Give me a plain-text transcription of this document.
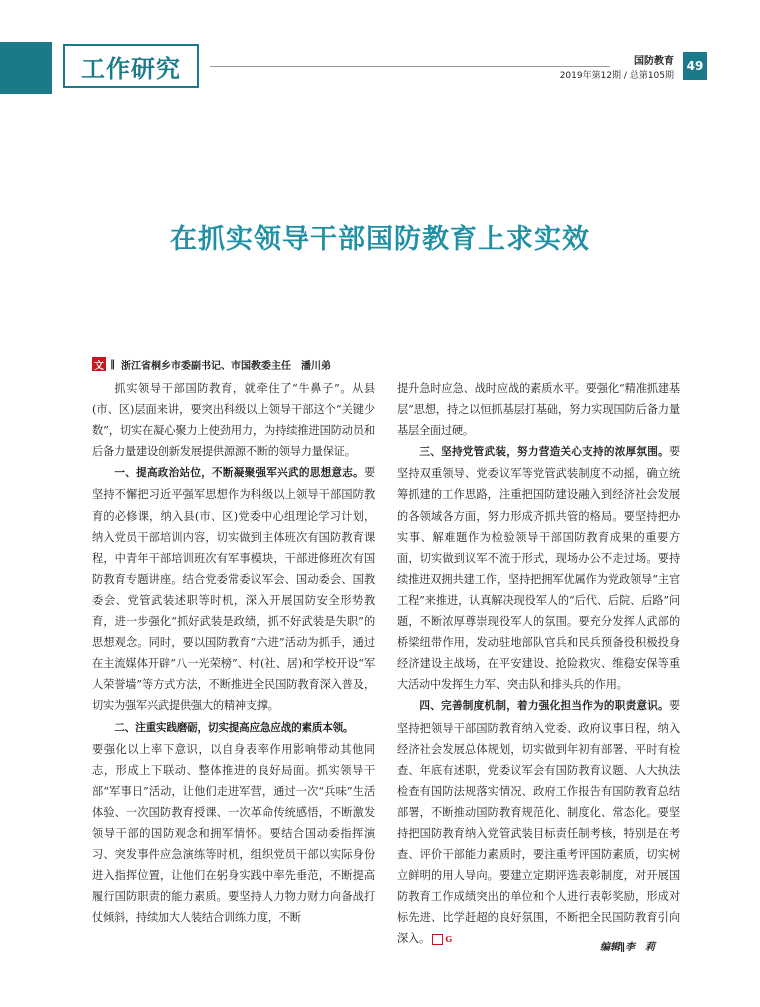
工作研究	国防教育
2019年第12期 / 总第105期
49
在抓实领导干部国防教育上求实效
文 ‖ 浙江省桐乡市委副书记、市国教委主任　潘川弟

抓实领导干部国防教育，就牵住了“牛鼻子”。从县(市、区)层面来讲，要突出科级以上领导干部这个“关键少数”，切实在凝心聚力上使劲用力，为持续推进国防动员和后备力量建设创新发展提供源源不断的领导力量保证。

一、提高政治站位，不断凝聚强军兴武的思想意志。要坚持不懈把习近平强军思想作为科级以上领导干部国防教育的必修课，纳入县(市、区)党委中心组理论学习计划，纳入党员干部培训内容，切实做到主体班次有国防教育课程，中青年干部培训班次有军事模块，干部进修班次有国防教育专题讲座。结合党委常委议军会、国动委会、国教委会、党管武装述职等时机，深入开展国防安全形势教育，进一步强化“抓好武装是政绩，抓不好武装是失职”的思想观念。同时，要以国防教育“六进”活动为抓手，通过在主流媒体开辟“八一光荣榜”、村(社、居)和学校开设“军人荣誉墙”等方式方法，不断推进全民国防教育深入普及，切实为强军兴武提供强大的精神支撑。

二、注重实践磨砺，切实提高应急应战的素质本领。

要强化以上率下意识，以自身表率作用影响带动其他同志，形成上下联动、整体推进的良好局面。抓实领导干部“军事日”活动，让他们走进军营，通过一次“兵味”生活体验、一次国防教育授课、一次革命传统感悟，不断激发领导干部的国防观念和拥军情怀。要结合国动委指挥演习、突发事件应急演练等时机，组织党员干部以实际身份进入指挥位置，让他们在躬身实践中率先垂范，不断提高履行国防职责的能力素质。要坚持人力物力财力向备战打仗倾斜，持续加大人装结合训练力度，不断

提升急时应急、战时应战的素质水平。要强化“精准抓建基层”思想，持之以恒抓基层打基础，努力实现国防后备力量基层全面过硬。

三、坚持党管武装，努力营造关心支持的浓厚氛围。要坚持双重领导、党委议军等党管武装制度不动摇，确立统筹抓建的工作思路，注重把国防建设融入到经济社会发展的各领域各方面，努力形成齐抓共管的格局。要坚持把办实事、解难题作为检验领导干部国防教育成果的重要方面，切实做到议军不流于形式，现场办公不走过场。要持续推进双拥共建工作，坚持把拥军优属作为党政领导“主官工程”来推进，认真解决现役军人的“后代、后院、后路”问题，不断浓厚尊崇现役军人的氛围。要充分发挥人武部的桥梁纽带作用，发动驻地部队官兵和民兵预备役积极投身经济建设主战场，在平安建设、抢险救灾、维稳安保等重大活动中发挥生力军、突击队和排头兵的作用。

四、完善制度机制，着力强化担当作为的职责意识。要坚持把领导干部国防教育纳入党委、政府议事日程，纳入经济社会发展总体规划，切实做到年初有部署、平时有检查、年底有述职，党委议军会有国防教育议题、人大执法检查有国防法规落实情况、政府工作报告有国防教育总结部署，不断推动国防教育规范化、制度化、常态化。要坚持把国防教育纳入党管武装目标责任制考核，特别是在考查、评价干部能力素质时，要注重考评国防素质，切实树立鲜明的用人导向。要建立定期评选表彰制度，对开展国防教育工作成绩突出的单位和个人进行表彰奖励，形成对标先进、比学赶超的良好氛围，不断把全民国防教育引向深入。 G

编辑∥李　莉
